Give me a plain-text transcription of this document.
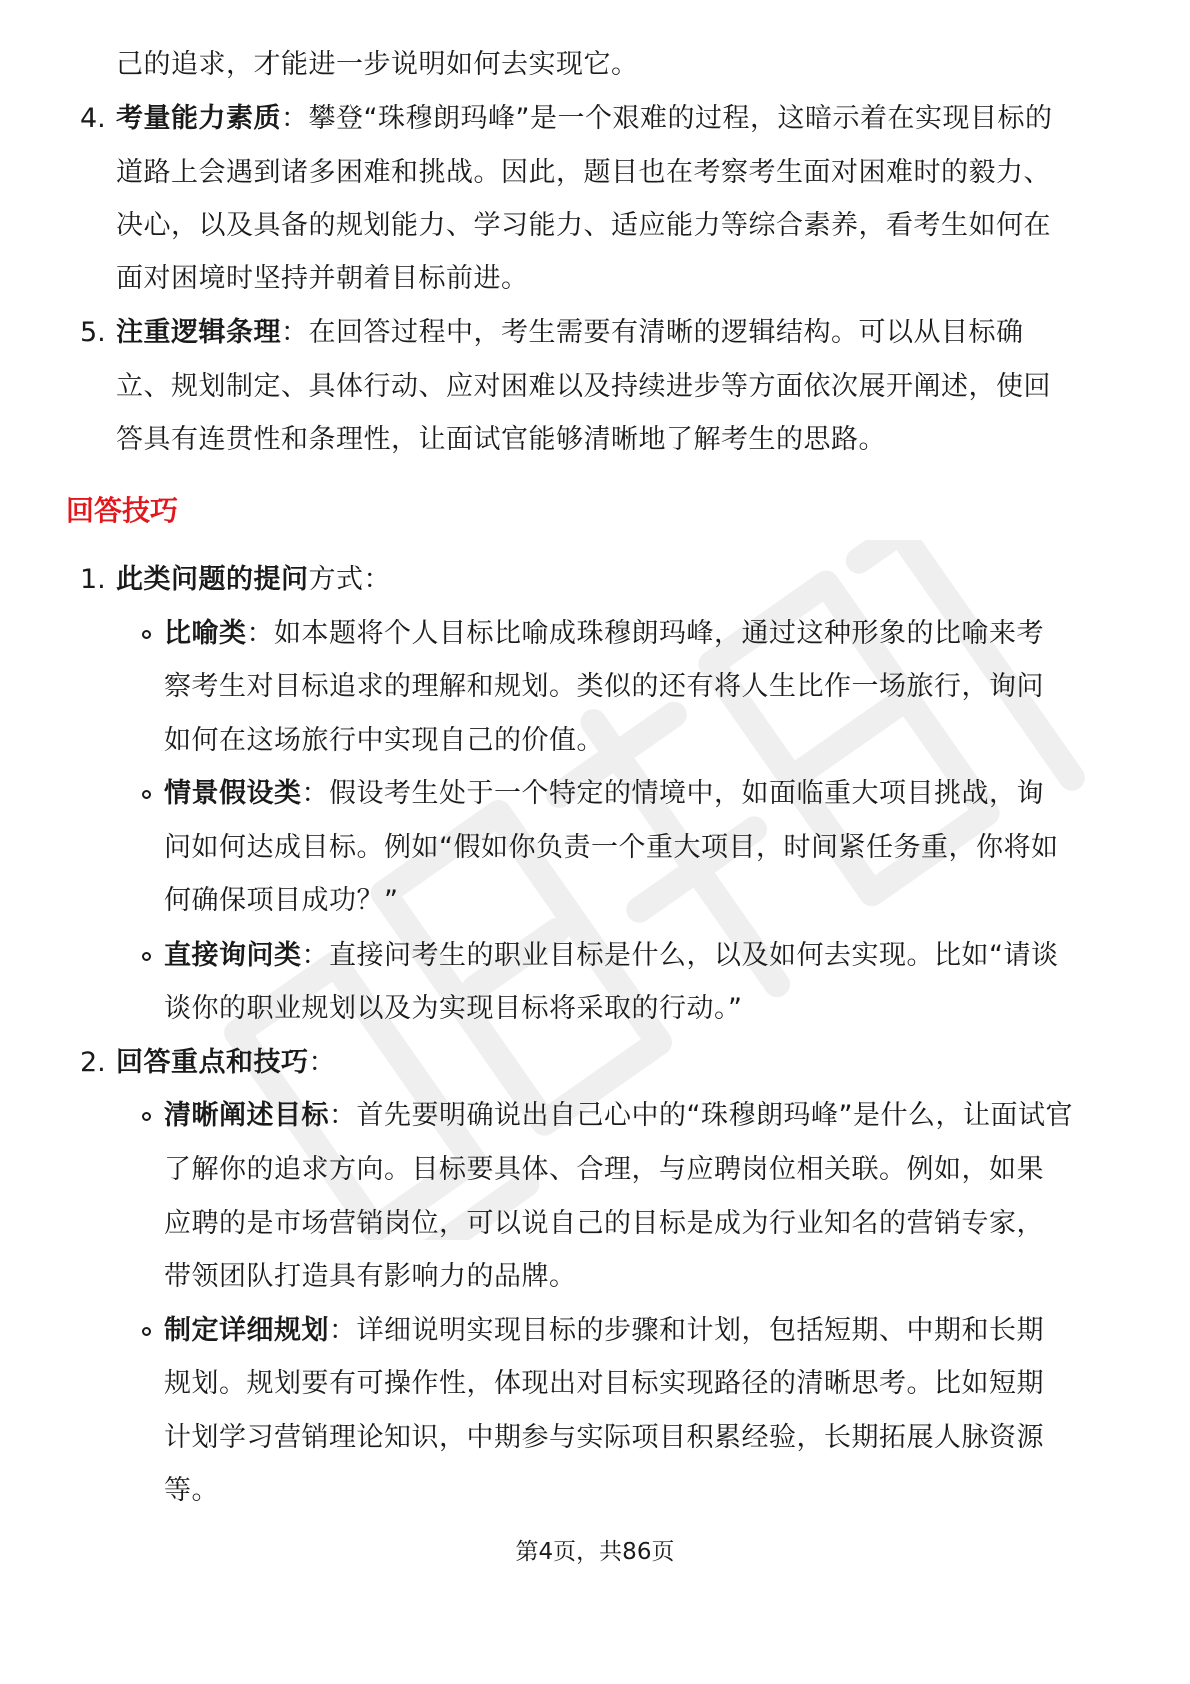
己的追求，才能进一步说明如何去实现它。
4. 考量能力素质：攀登“珠穆朗玛峰”是一个艰难的过程，这暗示着在实现目标的
道路上会遇到诸多困难和挑战。因此，题目也在考察考生面对困难时的毅力、
决心，以及具备的规划能力、学习能力、适应能力等综合素养，看考生如何在
面对困境时坚持并朝着目标前进。
5. 注重逻辑条理：在回答过程中，考生需要有清晰的逻辑结构。可以从目标确
立、规划制定、具体行动、应对困难以及持续进步等方面依次展开阐述，使回
答具有连贯性和条理性，让面试官能够清晰地了解考生的思路。
回答技巧
1. 此类问题的提问方式：
比喻类：如本题将个人目标比喻成珠穆朗玛峰，通过这种形象的比喻来考
察考生对目标追求的理解和规划。类似的还有将人生比作一场旅行，询问
如何在这场旅行中实现自己的价值。
情景假设类：假设考生处于一个特定的情境中，如面临重大项目挑战，询
问如何达成目标。例如“假如你负责一个重大项目，时间紧任务重，你将如
何确保项目成功？”
直接询问类：直接问考生的职业目标是什么，以及如何去实现。比如“请谈
谈你的职业规划以及为实现目标将采取的行动。”
2. 回答重点和技巧：
清晰阐述目标：首先要明确说出自己心中的“珠穆朗玛峰”是什么，让面试官
了解你的追求方向。目标要具体、合理，与应聘岗位相关联。例如，如果
应聘的是市场营销岗位，可以说自己的目标是成为行业知名的营销专家，
带领团队打造具有影响力的品牌。
制定详细规划：详细说明实现目标的步骤和计划，包括短期、中期和长期
规划。规划要有可操作性，体现出对目标实现路径的清晰思考。比如短期
计划学习营销理论知识，中期参与实际项目积累经验，长期拓展人脉资源
等。
第4页，共86页
